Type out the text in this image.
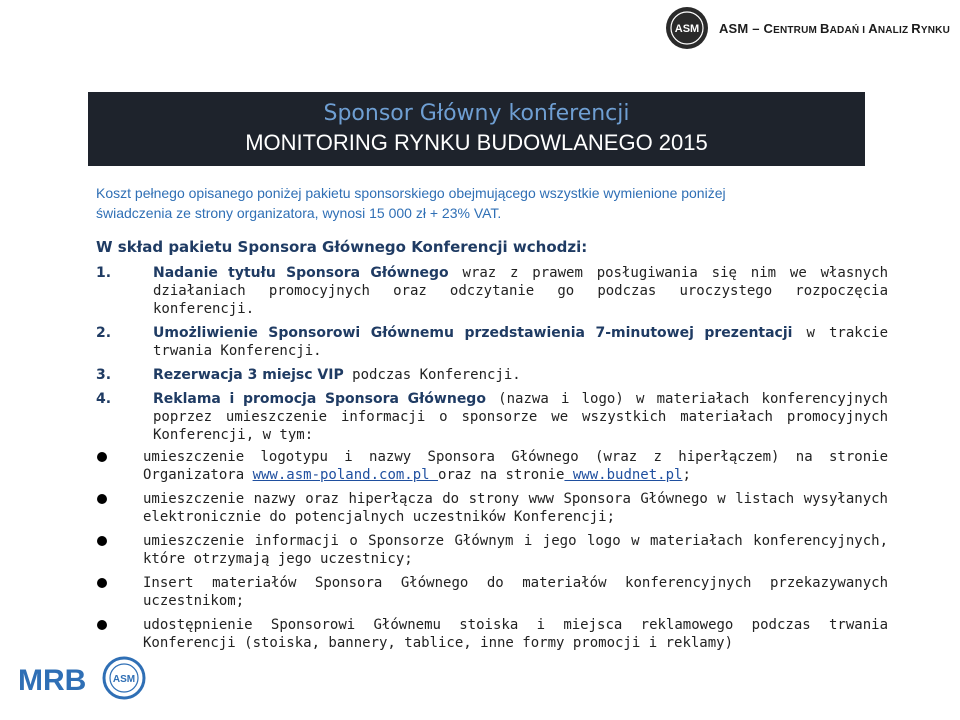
ASM ASM – CENTRUM BADAŃ I ANALIZ RYNKU
Sponsor Główny konferencji
MONITORING RYNKU BUDOWLANEGO 2015
Koszt pełnego opisanego poniżej pakietu sponsorskiego obejmującego wszystkie wymienione poniżej
świadczenia ze strony organizatora, wynosi 15 000 zł + 23% VAT.

W skład pakietu Sponsora Głównego Konferencji wchodzi:

1.	Nadanie tytułu Sponsora Głównego wraz z prawem posługiwania się nim we własnych działaniach promocyjnych oraz odczytanie go podczas uroczystego rozpoczęcia konferencji.
2.	Umożliwienie Sponsorowi Głównemu przedstawienia 7-minutowej prezentacji w trakcie trwania Konferencji.
3.	Rezerwacja 3 miejsc VIP podczas Konferencji.
4.	Reklama i promocja Sponsora Głównego (nazwa i logo) w materiałach konferencyjnych poprzez umieszczenie informacji o sponsorze we wszystkich materiałach promocyjnych Konferencji, w tym:
umieszczenie logotypu i nazwy Sponsora Głównego (wraz z hiperłączem) na stronie Organizatora www.asm-poland.com.pl oraz na stronie www.budnet.pl;
umieszczenie nazwy oraz hiperłącza do strony www Sponsora Głównego w listach wysyłanych elektronicznie do potencjalnych uczestników Konferencji;
umieszczenie informacji o Sponsorze Głównym i jego logo w materiałach konferencyjnych, które otrzymają jego uczestnicy;
Insert materiałów Sponsora Głównego do materiałów konferencyjnych przekazywanych uczestnikom;
udostępnienie Sponsorowi Głównemu stoiska i miejsca reklamowego podczas trwania Konferencji (stoiska, bannery, tablice, inne formy promocji i reklamy)
MRB	ASM
